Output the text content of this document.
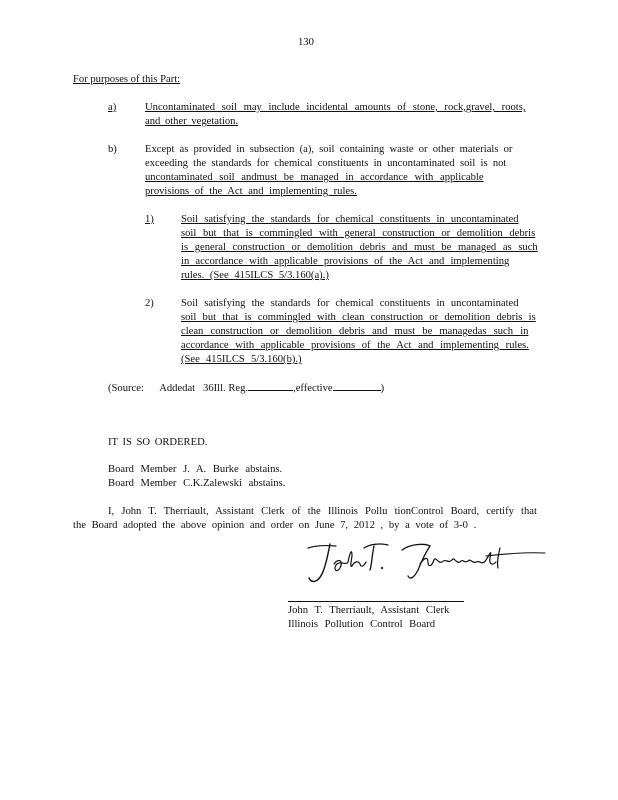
130
For purposes of this Part:
a)	Uncontaminated soil may include incidental amounts of stone, rock,gravel, roots,
and other vegetation.
b)	Except as provided in subsection (a), soil containing waste or other materials or
exceeding the standards for chemical constituents in uncontaminated soil is not
uncontaminated soil andmust be managed in accordance with applicable
provisions of the Act and implementing rules.
1)	Soil satisfying the standards for chemical constituents in uncontaminated
soil but that is commingled with general construction or demolition debris
is general construction or demolition debris and must be managed as such
in accordance with applicable provisions of the Act and implementing
rules. (See 415ILCS 5/3.160(a).)
2)	Soil satisfying the standards for chemical constituents in uncontaminated
soil but that is commingled with clean construction or demolition debris is
clean construction or demolition debris and must be managedas such in
accordance with applicable provisions of the Act and implementing rules.
(See 415ILCS 5/3.160(b).)
(Source: Addedat 36Ill. Reg.	,effective	)
IT IS SO ORDERED.
Board Member J. A. Burke abstains.
Board Member C.K.Zalewski abstains.
I, John T. Therriault, Assistant Clerk of the Illinois Pollu tionControl Board, certify that
the Board adopted the above opinion and order on June 7, 2012 , by a vote of 3-0 .
John T. Therriault, Assistant Clerk
Illinois Pollution Control Board
